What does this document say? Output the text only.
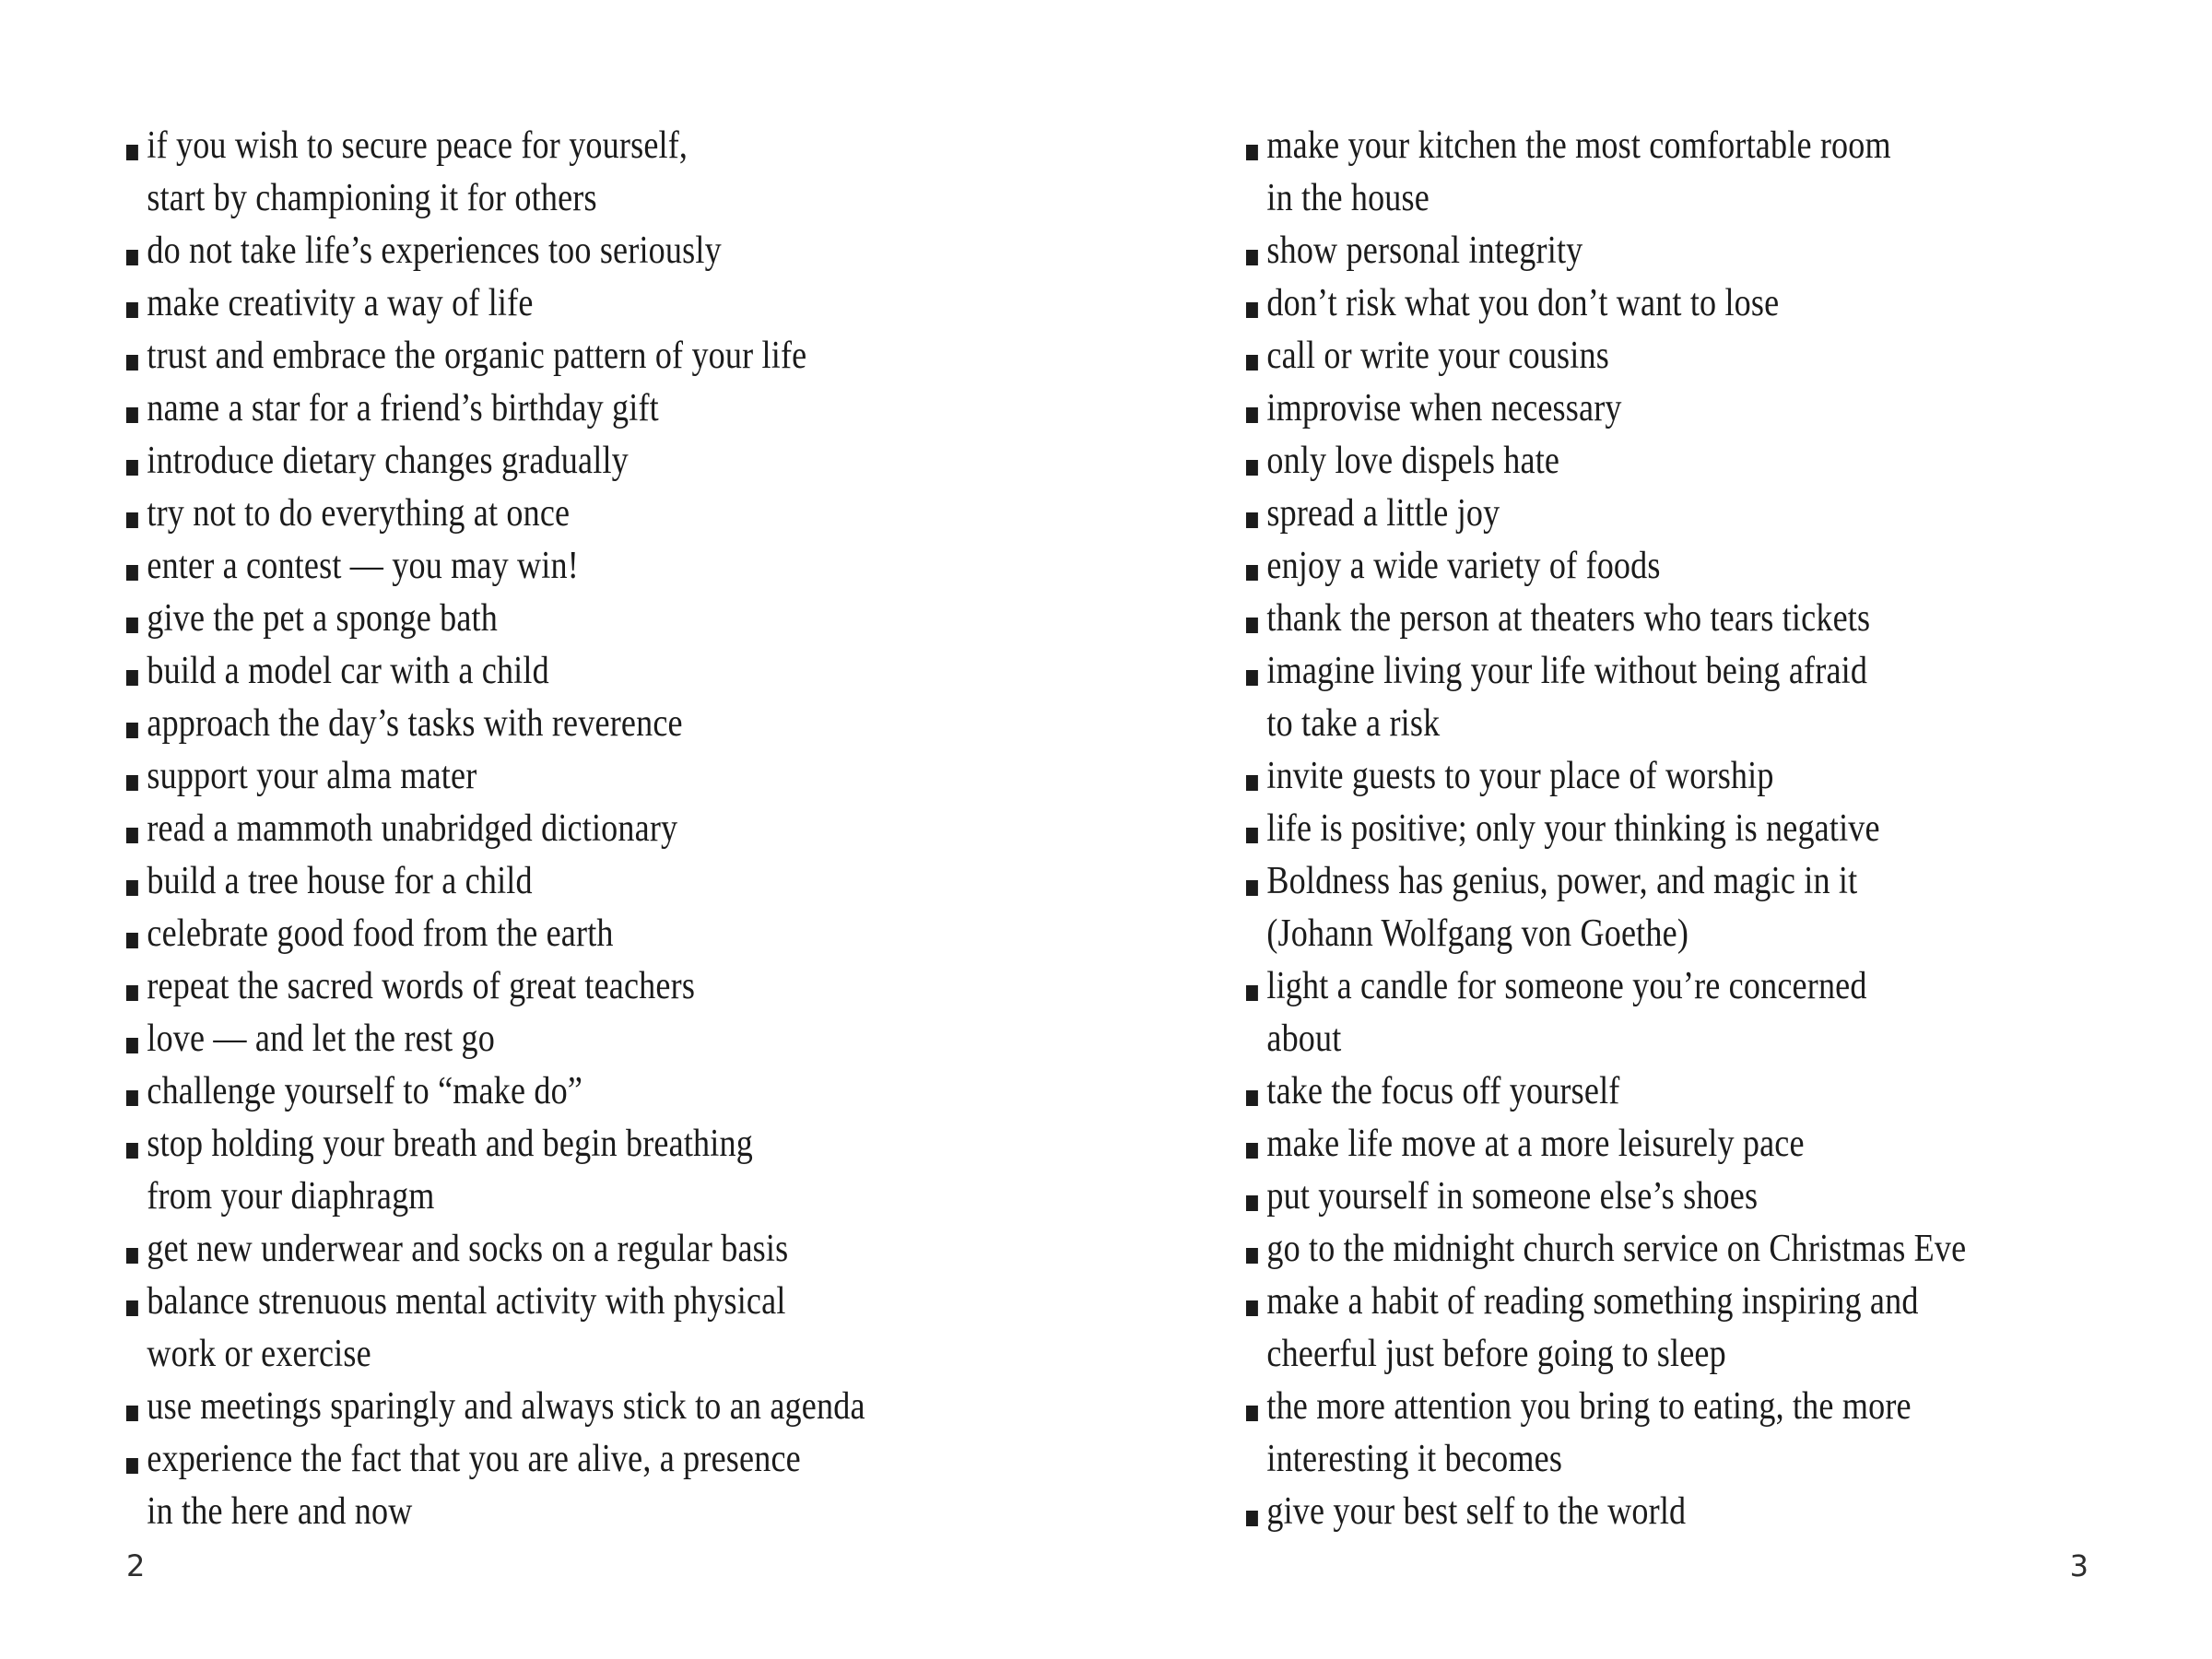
if you wish to secure peace for yourself,
start by championing it for others
do not take life’s experiences too seriously
make creativity a way of life
trust and embrace the organic pattern of your life
name a star for a friend’s birthday gift
introduce dietary changes gradually
try not to do everything at once
enter a contest — you may win!
give the pet a sponge bath
build a model car with a child
approach the day’s tasks with reverence
support your alma mater
read a mammoth unabridged dictionary
build a tree house for a child
celebrate good food from the earth
repeat the sacred words of great teachers
love — and let the rest go
challenge yourself to “make do”
stop holding your breath and begin breathing
from your diaphragm
get new underwear and socks on a regular basis
balance strenuous mental activity with physical
work or exercise
use meetings sparingly and always stick to an agenda
experience the fact that you are alive, a presence
in the here and now
make your kitchen the most comfortable room
in the house
show personal integrity
don’t risk what you don’t want to lose
call or write your cousins
improvise when necessary
only love dispels hate
spread a little joy
enjoy a wide variety of foods
thank the person at theaters who tears tickets
imagine living your life without being afraid
to take a risk
invite guests to your place of worship
life is positive; only your thinking is negative
Boldness has genius, power, and magic in it
(Johann Wolfgang von Goethe)
light a candle for someone you’re concerned
about
take the focus off yourself
make life move at a more leisurely pace
put yourself in someone else’s shoes
go to the midnight church service on Christmas Eve
make a habit of reading something inspiring and
cheerful just before going to sleep
the more attention you bring to eating, the more
interesting it becomes
give your best self to the world
2	3
